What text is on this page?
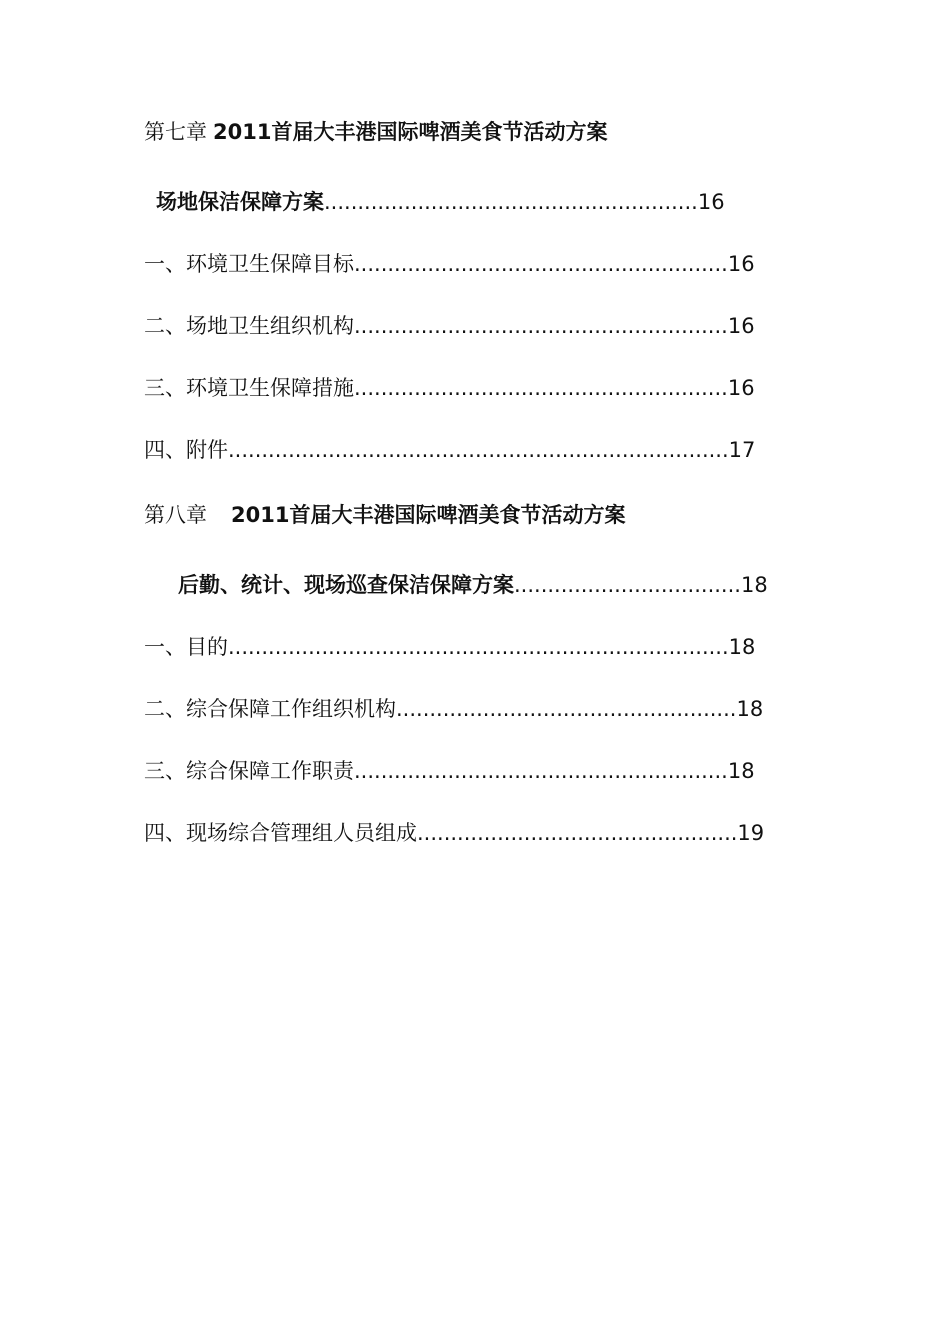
第七章 2011首届大丰港国际啤酒美食节活动方案
场地保洁保障方案........................................................16
一、环境卫生保障目标........................................................16
二、场地卫生组织机构........................................................16
三、环境卫生保障措施........................................................16
四、附件...........................................................................17
第八章 2011首届大丰港国际啤酒美食节活动方案
后勤、统计、现场巡查保洁保障方案..................................18
一、目的...........................................................................18
二、综合保障工作组织机构...................................................18
三、综合保障工作职责........................................................18
四、现场综合管理组人员组成................................................19
